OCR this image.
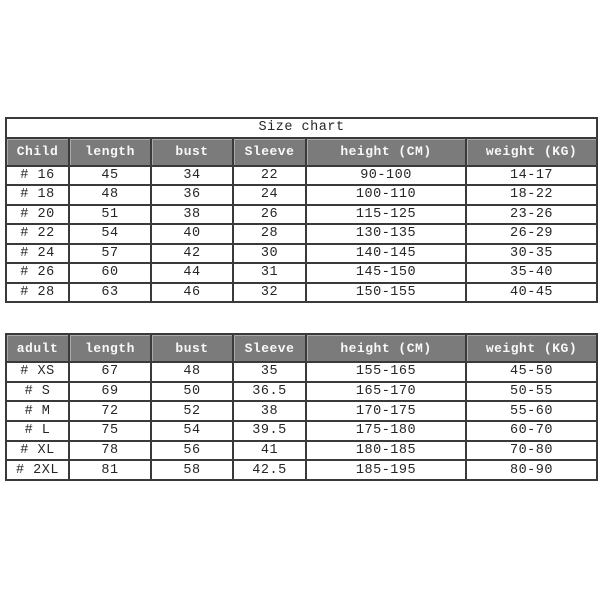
Size chart					
Child	length	bust	Sleeve	height (CM)	weight (KG)
# 16	45	34	22	90-100	14-17
# 18	48	36	24	100-110	18-22
# 20	51	38	26	115-125	23-26
# 22	54	40	28	130-135	26-29
# 24	57	42	30	140-145	30-35
# 26	60	44	31	145-150	35-40
# 28	63	46	32	150-155	40-45
adult	length	bust	Sleeve	height (CM)	weight (KG)
# XS	67	48	35	155-165	45-50
# S	69	50	36.5	165-170	50-55
# M	72	52	38	170-175	55-60
# L	75	54	39.5	175-180	60-70
# XL	78	56	41	180-185	70-80
# 2XL	81	58	42.5	185-195	80-90
